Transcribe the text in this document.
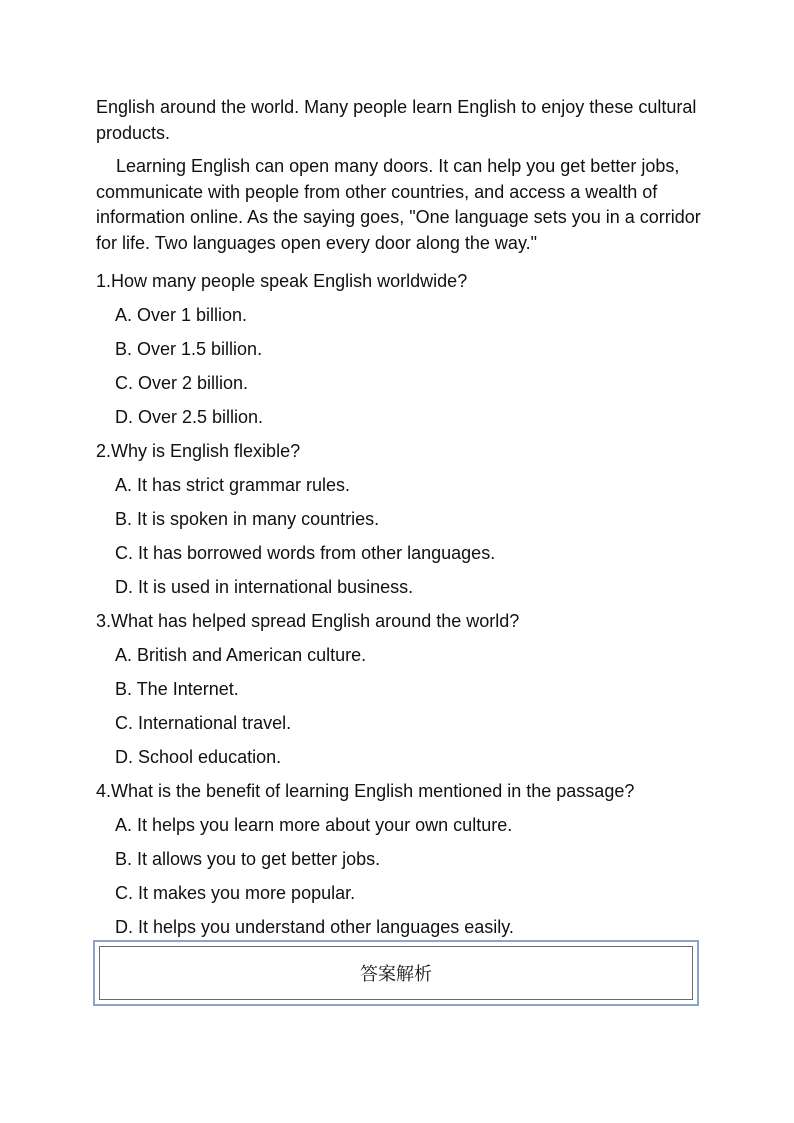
English around the world. Many people learn English to enjoy these cultural products.

Learning English can open many doors. It can help you get better jobs, communicate with people from other countries, and access a wealth of information online. As the saying goes, "One language sets you in a corridor for life. Two languages open every door along the way."

1.How many people speak English worldwide?
A. Over 1 billion.
B. Over 1.5 billion.
C. Over 2 billion.
D. Over 2.5 billion.
2.Why is English flexible?
A. It has strict grammar rules.
B. It is spoken in many countries.
C. It has borrowed words from other languages.
D. It is used in international business.
3.What has helped spread English around the world?
A. British and American culture.
B. The Internet.
C. International travel.
D. School education.
4.What is the benefit of learning English mentioned in the passage?
A. It helps you learn more about your own culture.
B. It allows you to get better jobs.
C. It makes you more popular.
D. It helps you understand other languages easily.
答案解析
